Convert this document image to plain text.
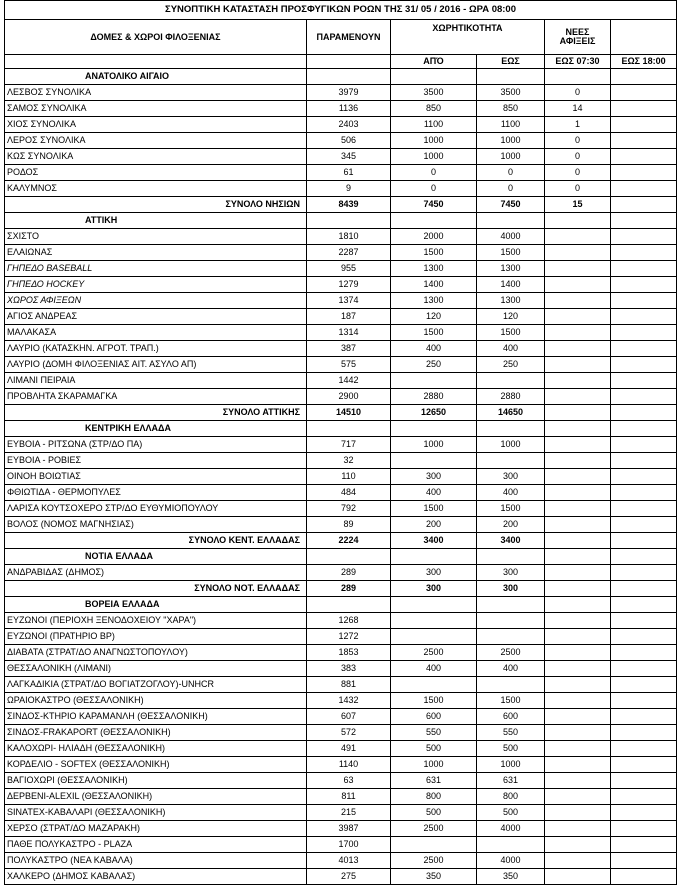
ΣΥΝΟΠΤΙΚΗ ΚΑΤΑΣΤΑΣΗ ΠΡΟΣΦΥΓΙΚΩΝ ΡΟΩΝ ΤΗΣ 31/ 05 / 2016 - ΩΡΑ 08:00					
ΔΟΜΕΣ & ΧΩΡΟΙ ΦΙΛΟΞΕΝΙΑΣ	ΠΑΡΑΜΕΝΟΥΝ	ΧΩΡΗΤΙΚΟΤΗΤΑ		ΝΕΕΣ ΑΦΙΞΕΙΣ	
		ΑΠΌ	ΕΩΣ	ΕΩΣ 07:30	ΕΩΣ 18:00
ΑΝΑΤΟΛΙΚΟ ΑΙΓΑΙΟ					
ΛΕΣΒΟΣ ΣΥΝΟΛΙΚΑ	3979	3500	3500	0	
ΣΑΜΟΣ ΣΥΝΟΛΙΚΑ	1136	850	850	14	
ΧΙΟΣ ΣΥΝΟΛΙΚΑ	2403	1100	1100	1	
ΛΕΡΟΣ ΣΥΝΟΛΙΚΑ	506	1000	1000	0	
ΚΩΣ ΣΥΝΟΛΙΚΑ	345	1000	1000	0	
ΡΟΔΟΣ	61	0	0	0	
ΚΑΛΥΜΝΟΣ	9	0	0	0	
ΣΥΝΟΛΟ ΝΗΣΙΩΝ	8439	7450	7450	15	
ΑΤΤΙΚΗ					
ΣΧΙΣΤΟ	1810	2000	4000		
ΕΛΑΙΩΝΑΣ	2287	1500	1500		
ΓΗΠΕΔΟ BASEBALL	955	1300	1300		
ΓΗΠΕΔΟ HOCKEY	1279	1400	1400		
ΧΩΡΟΣ ΑΦΙΞΕΩΝ	1374	1300	1300		
ΑΓΙΟΣ ΑΝΔΡΕΑΣ	187	120	120		
ΜΑΛΑΚΑΣΑ	1314	1500	1500		
ΛΑΥΡΙΟ (ΚΑΤΑΣΚΗΝ. ΑΓΡΟΤ. ΤΡΑΠ.)	387	400	400		
ΛΑΥΡΙΟ (ΔΟΜΗ ΦΙΛΟΞΕΝΙΑΣ ΑΙΤ. ΑΣΥΛΟ ΑΠ)	575	250	250		
ΛΙΜΑΝΙ ΠΕΙΡΑΙΑ	1442				
ΠΡΟΒΛΗΤΑ ΣΚΑΡΑΜΑΓΚΑ	2900	2880	2880		
ΣΥΝΟΛΟ ΑΤΤΙΚΗΣ	14510	12650	14650		
ΚΕΝΤΡΙΚΗ ΕΛΛΑΔΑ					
ΕΥΒΟΙΑ - ΡΙΤΣΩΝΑ (ΣΤΡ/ΔΟ ΠΑ)	717	1000	1000		
ΕΥΒΟΙΑ - ΡΟΒΙΕΣ	32				
ΟΙΝΟΗ ΒΟΙΩΤΙΑΣ	110	300	300		
ΦΘΙΩΤΙΔΑ - ΘΕΡΜΟΠΥΛΕΣ	484	400	400		
ΛΑΡΙΣΑ ΚΟΥΤΣΟΧΕΡΟ ΣΤΡ/ΔΟ ΕΥΘΥΜΙΟΠΟΥΛΟΥ	792	1500	1500		
ΒΟΛΟΣ (ΝΟΜΟΣ ΜΑΓΝΗΣΙΑΣ)	89	200	200		
ΣΥΝΟΛΟ ΚΕΝΤ. ΕΛΛΑΔΑΣ	2224	3400	3400		
ΝΟΤΙΑ ΕΛΛΑΔΑ					
ΑΝΔΡΑΒΙΔΑΣ (ΔΗΜΟΣ)	289	300	300		
ΣΥΝΟΛΟ ΝΟΤ. ΕΛΛΑΔΑΣ	289	300	300		
ΒΟΡΕΙΑ ΕΛΛΑΔΑ					
ΕΥΖΩΝΟΙ (ΠΕΡΙΟΧΗ ΞΕΝΟΔΟΧΕΙΟΥ "ΧΑΡΑ")	1268				
ΕΥΖΩΝΟΙ (ΠΡΑΤΗΡΙΟ ΒΡ)	1272				
ΔΙΑΒΑΤΑ (ΣΤΡΑΤ/ΔΟ ΑΝΑΓΝΩΣΤΟΠΟΥΛΟΥ)	1853	2500	2500		
ΘΕΣΣΑΛΟΝΙΚΗ (ΛΙΜΑΝΙ)	383	400	400		
ΛΑΓΚΑΔΙΚΙΑ (ΣΤΡΑΤ/ΔΟ ΒΟΓΙΑΤΖΟΓΛΟΥ)-UNHCR	881				
ΩΡΑΙΟΚΑΣΤΡΟ (ΘΕΣΣΑΛΟΝΙΚΗ)	1432	1500	1500		
ΣΙΝΔΟΣ-ΚΤΗΡΙΟ ΚΑΡΑΜΑΝΛΗ (ΘΕΣΣΑΛΟΝΙΚΗ)	607	600	600		
ΣΙΝΔΟΣ-FRAKAPORT (ΘΕΣΣΑΛΟΝΙΚΗ)	572	550	550		
ΚΑΛΟΧΩΡΙ- ΗΛΙΑΔΗ (ΘΕΣΣΑΛΟΝΙΚΗ)	491	500	500		
ΚΟΡΔΕΛΙΟ - SOFTEX (ΘΕΣΣΑΛΟΝΙΚΗ)	1140	1000	1000		
ΒΑΓΙΟΧΩΡΙ (ΘΕΣΣΑΛΟΝΙΚΗ)	63	631	631		
ΔΕΡΒΕΝΙ-ALEXIL (ΘΕΣΣΑΛΟΝΙΚΗ)	811	800	800		
SINATEX-ΚΑΒΑΛΑΡΙ (ΘΕΣΣΑΛΟΝΙΚΗ)	215	500	500		
ΧΕΡΣΟ (ΣΤΡΑΤ/ΔΟ ΜΑΖΑΡΑΚΗ)	3987	2500	4000		
ΠΑΘΕ ΠΟΛΥΚΑΣΤΡΟ - PLAZA	1700				
ΠΟΛΥΚΑΣΤΡΟ (ΝΕΑ ΚΑΒΑΛΑ)	4013	2500	4000		
ΧΑΛΚΕΡΟ (ΔΗΜΟΣ ΚΑΒΑΛΑΣ)	275	350	350		
